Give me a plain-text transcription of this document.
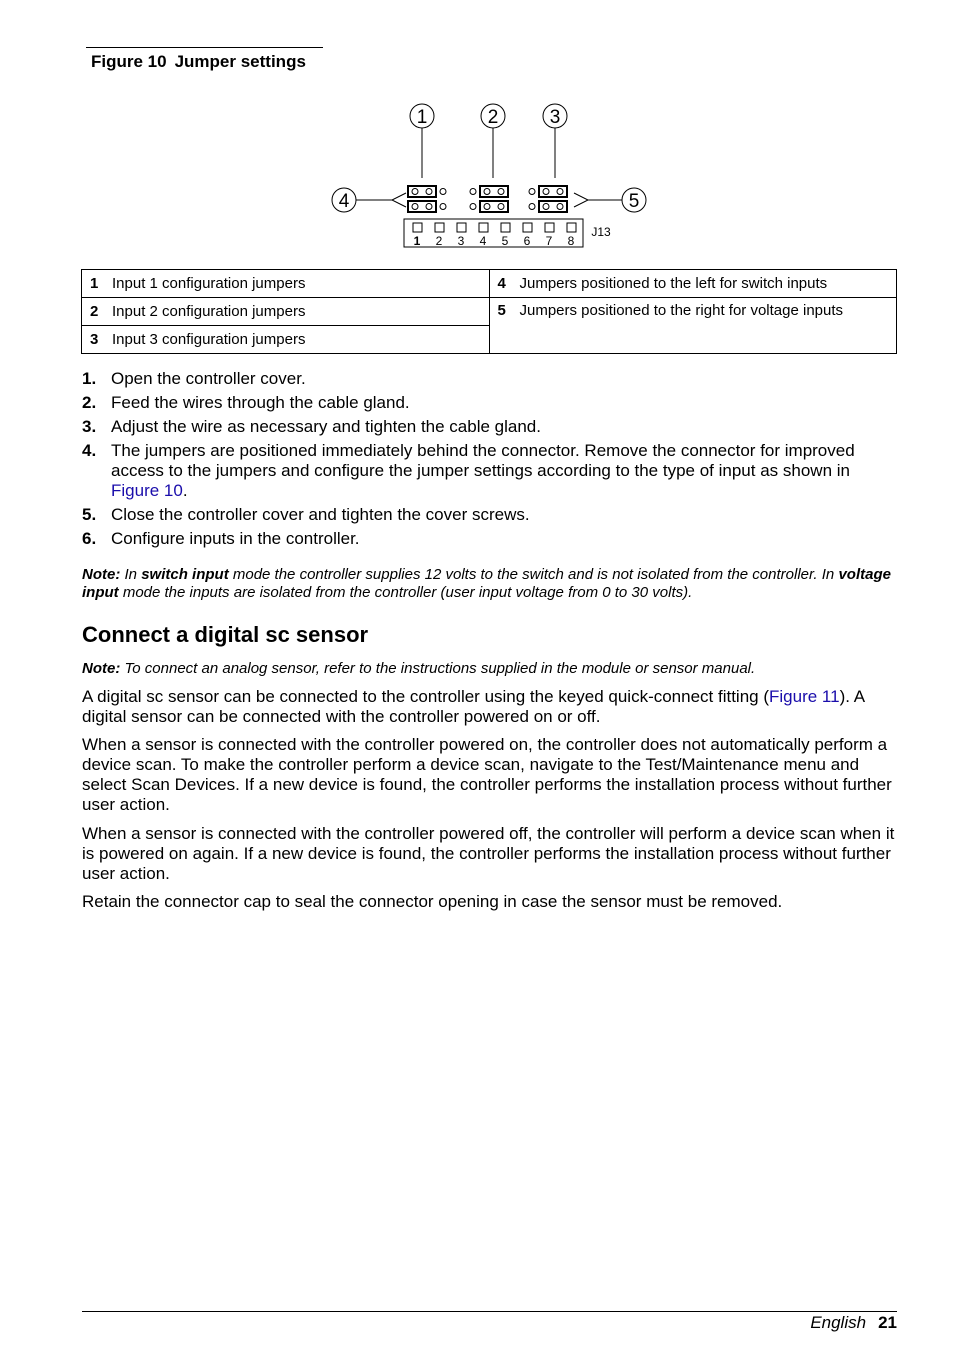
Figure 10 Jumper settings
1	2	3
4	5
1 2 3 4 5 6 7 8
J13
1 Input 1 configuration jumpers	4 Jumpers positioned to the left for switch inputs
2 Input 2 configuration jumpers	5 Jumpers positioned to the right for voltage inputs
3 Input 3 configuration jumpers	
1. Open the controller cover.
2. Feed the wires through the cable gland.
3. Adjust the wire as necessary and tighten the cable gland.
4. The jumpers are positioned immediately behind the connector. Remove the connector for improved access to the jumpers and configure the jumper settings according to the type of input as shown in Figure 10.
5. Close the controller cover and tighten the cover screws.
6. Configure inputs in the controller.
Note: In switch input mode the controller supplies 12 volts to the switch and is not isolated from the controller. In voltage input mode the inputs are isolated from the controller (user input voltage from 0 to 30 volts).
Connect a digital sc sensor
Note: To connect an analog sensor, refer to the instructions supplied in the module or sensor manual.

A digital sc sensor can be connected to the controller using the keyed quick-connect fitting (Figure 11). A digital sensor can be connected with the controller powered on or off.

When a sensor is connected with the controller powered on, the controller does not automatically perform a device scan. To make the controller perform a device scan, navigate to the Test/Maintenance menu and select Scan Devices. If a new device is found, the controller performs the installation process without further user action.

When a sensor is connected with the controller powered off, the controller will perform a device scan when it is powered on again. If a new device is found, the controller performs the installation process without further user action.

Retain the connector cap to seal the connector opening in case the sensor must be removed.

English 21
